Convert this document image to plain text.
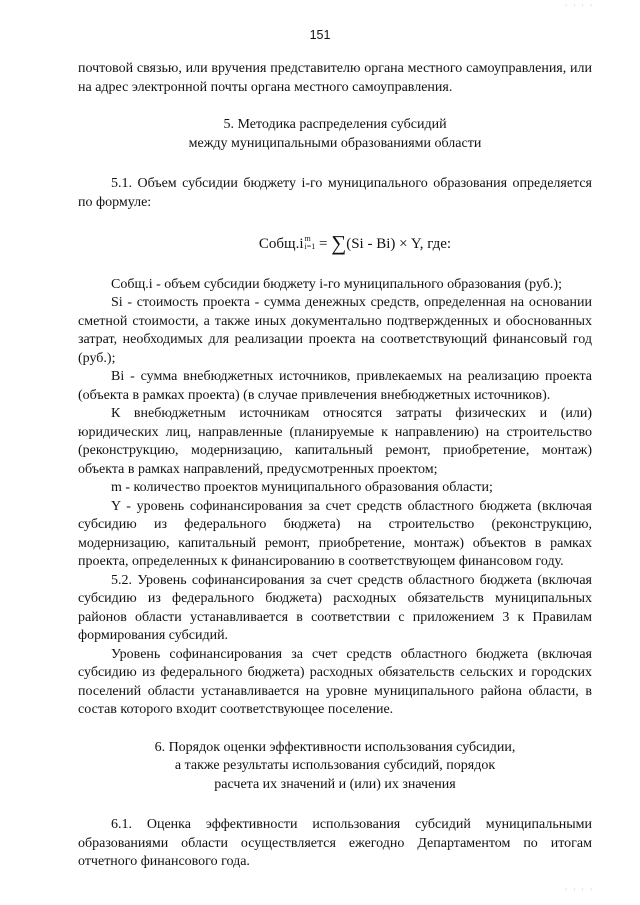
· · · ·
151

почтовой связью, или вручения представителю органа местного самоуправления, или на адрес электронной почты органа местного самоуправления.

5. Методика распределения субсидий
между муниципальными образованиями области

5.1. Объем субсидии бюджету i-го муниципального образования определяется по формуле:

Собщ.i m
i=1 = ∑(Si - Bi) × Y, где:

Собщ.i - объем субсидии бюджету i-го муниципального образования (руб.);

Si - стоимость проекта - сумма денежных средств, определенная на основании сметной стоимости, а также иных документально подтвержденных и обоснованных затрат, необходимых для реализации проекта на соответствующий финансовый год (руб.);

Bi - сумма внебюджетных источников, привлекаемых на реализацию проекта (объекта в рамках проекта) (в случае привлечения внебюджетных источников).

К внебюджетным источникам относятся затраты физических и (или) юридических лиц, направленные (планируемые к направлению) на строительство (реконструкцию, модернизацию, капитальный ремонт, приобретение, монтаж) объекта в рамках направлений, предусмотренных проектом;

m - количество проектов муниципального образования области;

Y - уровень софинансирования за счет средств областного бюджета (включая субсидию из федерального бюджета) на строительство (реконструкцию, модернизацию, капитальный ремонт, приобретение, монтаж) объектов в рамках проекта, определенных к финансированию в соответствующем финансовом году.

5.2. Уровень софинансирования за счет средств областного бюджета (включая субсидию из федерального бюджета) расходных обязательств муниципальных районов области устанавливается в соответствии с приложением 3 к Правилам формирования субсидий.

Уровень софинансирования за счет средств областного бюджета (включая субсидию из федерального бюджета) расходных обязательств сельских и городских поселений области устанавливается на уровне муниципального района области, в состав которого входит соответствующее поселение.

6. Порядок оценки эффективности использования субсидии,
а также результаты использования субсидий, порядок
расчета их значений и (или) их значения

6.1. Оценка эффективности использования субсидий муниципальными образованиями области осуществляется ежегодно Департаментом по итогам отчетного финансового года.

· · · ·
